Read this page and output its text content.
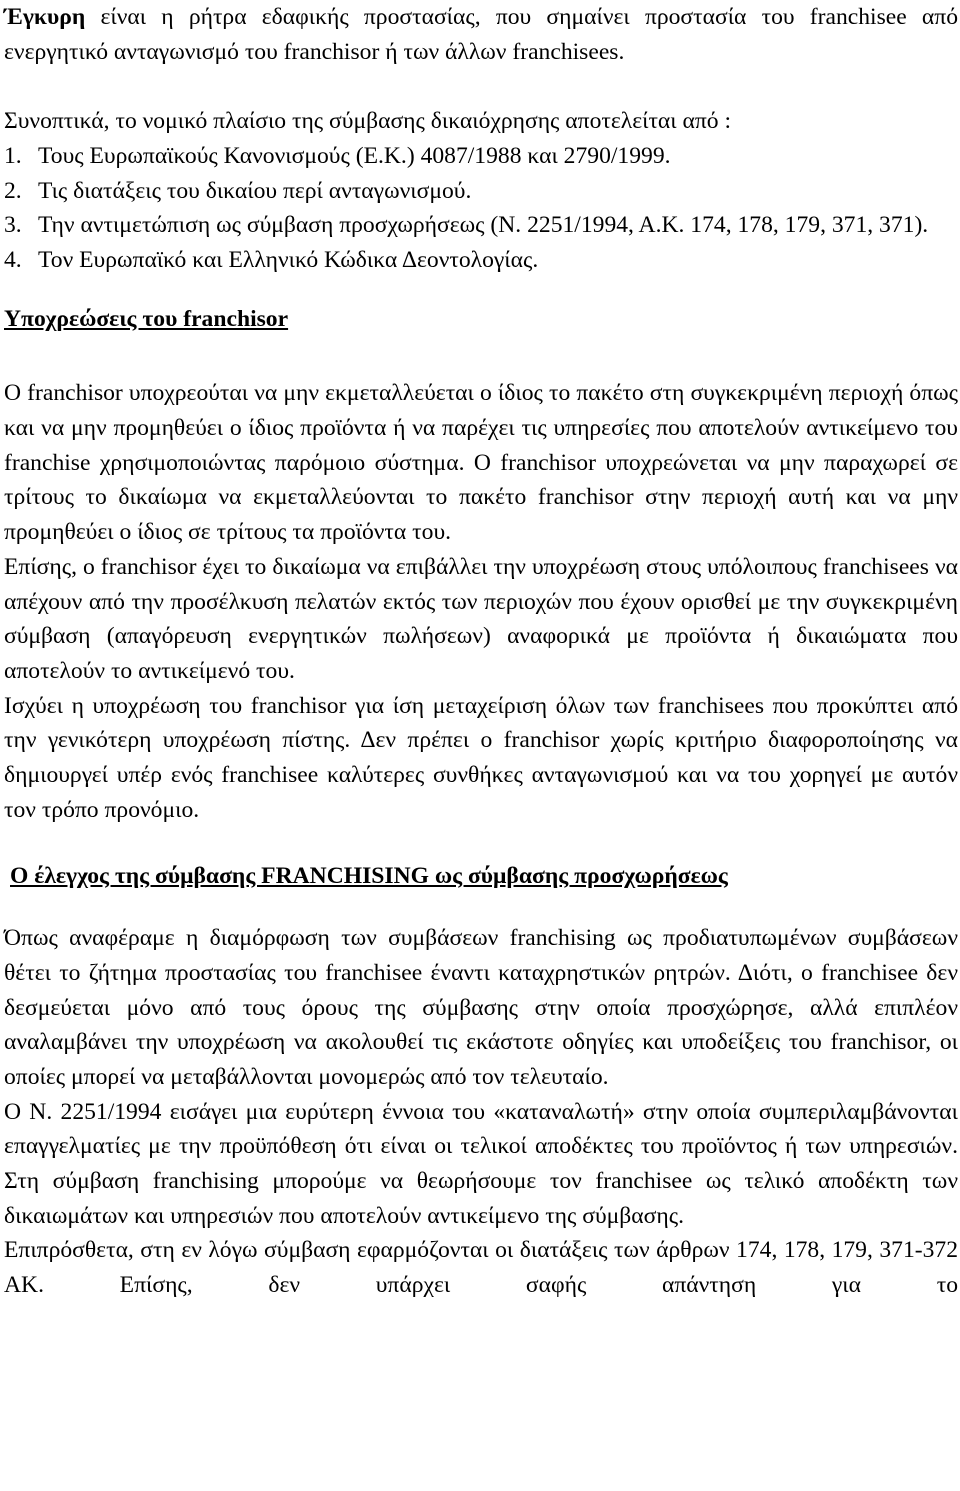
Έγκυρη είναι η ρήτρα εδαφικής προστασίας, που σημαίνει προστασία του franchisee από ενεργητικό ανταγωνισμό του franchisor ή των άλλων franchisees.

Συνοπτικά, το νομικό πλαίσιο της σύμβασης δικαιόχρησης αποτελείται από :

1. Τους Ευρωπαϊκούς Κανονισμούς (Ε.Κ.) 4087/1988 και 2790/1999.
2. Τις διατάξεις του δικαίου περί ανταγωνισμού.
3. Την αντιμετώπιση ως σύμβαση προσχωρήσεως (Ν. 2251/1994, Α.Κ. 174, 178, 179, 371, 371).
4. Τον Ευρωπαϊκό και Ελληνικό Κώδικα Δεοντολογίας.

Υποχρεώσεις του franchisor

Ο franchisor υποχρεούται να μην εκμεταλλεύεται ο ίδιος το πακέτο στη συγκεκριμένη περιοχή όπως και να μην προμηθεύει ο ίδιος προϊόντα ή να παρέχει τις υπηρεσίες που αποτελούν αντικείμενο του franchise χρησιμοποιώντας παρόμοιο σύστημα. Ο franchisor υποχρεώνεται να μην παραχωρεί σε τρίτους το δικαίωμα να εκμεταλλεύονται το πακέτο franchisor στην περιοχή αυτή και να μην προμηθεύει ο ίδιος σε τρίτους τα προϊόντα του.

Επίσης, ο franchisor έχει το δικαίωμα να επιβάλλει την υποχρέωση στους υπόλοιπους franchisees να απέχουν από την προσέλκυση πελατών εκτός των περιοχών που έχουν ορισθεί με την συγκεκριμένη σύμβαση (απαγόρευση ενεργητικών πωλήσεων) αναφορικά με προϊόντα ή δικαιώματα που αποτελούν το αντικείμενό του.

Ισχύει η υποχρέωση του franchisor για ίση μεταχείριση όλων των franchisees που προκύπτει από την γενικότερη υποχρέωση πίστης. Δεν πρέπει ο franchisor χωρίς κριτήριο διαφοροποίησης να δημιουργεί υπέρ ενός franchisee καλύτερες συνθήκες ανταγωνισμού και να του χορηγεί με αυτόν τον τρόπο προνόμιο.

Ο έλεγχος της σύμβασης FRANCHISING ως σύμβασης προσχωρήσεως

Όπως αναφέραμε η διαμόρφωση των συμβάσεων franchising ως προδιατυπωμένων συμβάσεων θέτει το ζήτημα προστασίας του franchisee έναντι καταχρηστικών ρητρών. Διότι, ο franchisee δεν δεσμεύεται μόνο από τους όρους της σύμβασης στην οποία προσχώρησε, αλλά επιπλέον αναλαμβάνει την υποχρέωση να ακολουθεί τις εκάστοτε οδηγίες και υποδείξεις του franchisor, οι οποίες μπορεί να μεταβάλλονται μονομερώς από τον τελευταίο.

Ο Ν. 2251/1994 εισάγει μια ευρύτερη έννοια του «καταναλωτή» στην οποία συμπεριλαμβάνονται επαγγελματίες με την προϋπόθεση ότι είναι οι τελικοί αποδέκτες του προϊόντος ή των υπηρεσιών. Στη σύμβαση franchising μπορούμε να θεωρήσουμε τον franchisee ως τελικό αποδέκτη των δικαιωμάτων και υπηρεσιών που αποτελούν αντικείμενο της σύμβασης.

Επιπρόσθετα, στη εν λόγω σύμβαση εφαρμόζονται οι διατάξεις των άρθρων 174, 178, 179, 371-372 ΑΚ. Επίσης, δεν υπάρχει σαφής απάντηση για το
